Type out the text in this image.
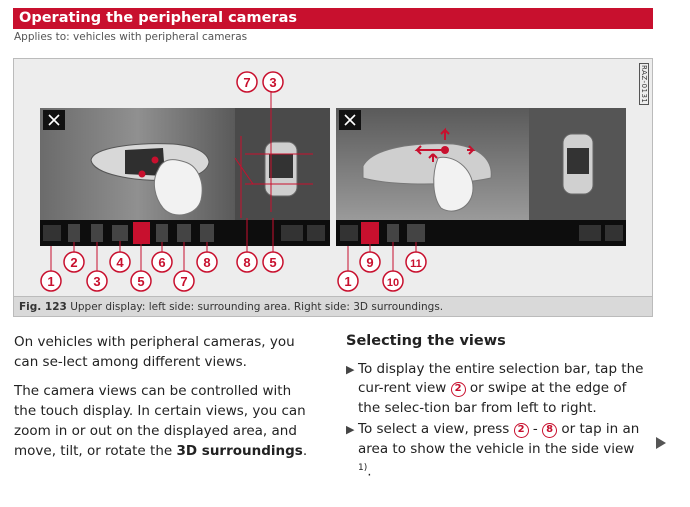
Operating the peripheral cameras
Applies to: vehicles with peripheral cameras
RAZ-0131
1
2
3
4
5
6
7
8	8 5
7 3
1
9
10
11
Fig. 123 Upper display: left side: surrounding area. Right side: 3D surroundings.

On vehicles with peripheral cameras, you can se-lect among different views.

The camera views can be controlled with the touch display. In certain views, you can zoom in or out on the displayed area, and move, tilt, or rotate the 3D surroundings.

Selecting the views
▶ To display the entire selection bar, tap the cur-rent view 2 or swipe at the edge of the selec-tion bar from left to right.
▶ To select a view, press 2 - 8 or tap in an area to show the vehicle in the side view $^{1)}$.
